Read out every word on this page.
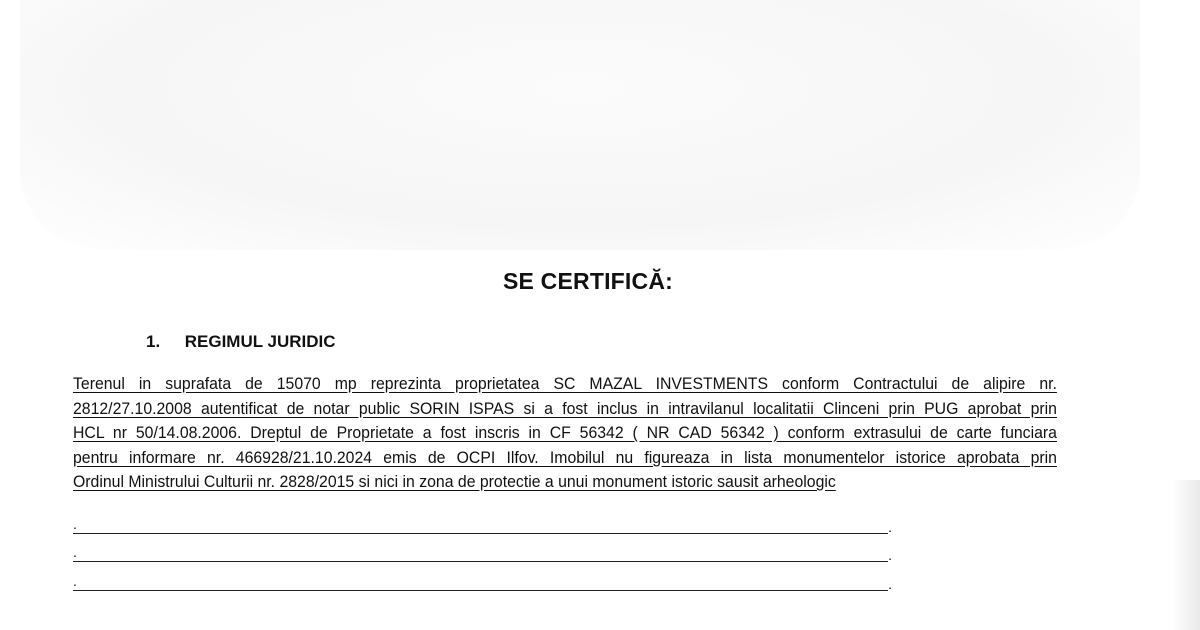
SE CERTIFICĂ:
1. REGIMUL JURIDIC
Terenul in suprafata de 15070 mp reprezinta proprietatea SC MAZAL INVESTMENTS conform Contractului de alipire nr.
2812/27.10.2008 autentificat de notar public SORIN ISPAS si a fost inclus in intravilanul localitatii Clinceni prin PUG aprobat prin
HCL nr 50/14.08.2006. Dreptul de Proprietate a fost inscris in CF 56342 ( NR CAD 56342 ) conform extrasului de carte funciara
pentru informare nr. 466928/21.10.2024 emis de OCPI Ilfov. Imobilul nu figureaza in lista monumentelor istorice aprobata prin
Ordinul Ministrului Culturii nr. 2828/2015 si nici in zona de protectie a unui monument istoric sausit arheologic
.	.
.	.
.	.
